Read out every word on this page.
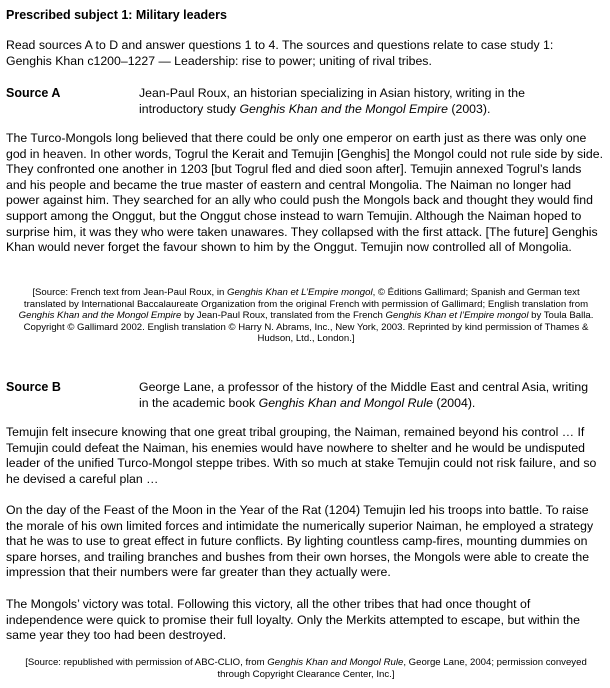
Prescribed subject 1: Military leaders
Read sources A to D and answer questions 1 to 4. The sources and questions relate to case study 1:
Genghis Khan c1200–1227 — Leadership: rise to power; uniting of rival tribes.
Source A	Jean-Paul Roux, an historian specializing in Asian history, writing in the introductory study Genghis Khan and the Mongol Empire (2003).

The Turco-Mongols long believed that there could be only one emperor on earth just as there was only one god in heaven. In other words, Togrul the Kerait and Temujin [Genghis] the Mongol could not rule side by side. They confronted one another in 1203 [but Togrul fled and died soon after]. Temujin annexed Togrul’s lands and his people and became the true master of eastern and central Mongolia. The Naiman no longer had power against him. They searched for an ally who could push the Mongols back and thought they would find support among the Onggut, but the Onggut chose instead to warn Temujin. Although the Naiman hoped to surprise him, it was they who were taken unawares. They collapsed with the first attack. [The future] Genghis Khan would never forget the favour shown to him by the Onggut. Temujin now controlled all of Mongolia.

[Source: French text from Jean-Paul Roux, in Genghis Khan et L’Empire mongol, © Éditions Gallimard; Spanish and German text translated by International Baccalaureate Organization from the original French with permission of Gallimard; English translation from Genghis Khan and the Mongol Empire by Jean-Paul Roux, translated from the French Genghis Khan et l’Empire mongol by Toula Balla. Copyright © Gallimard 2002. English translation © Harry N. Abrams, Inc., New York, 2003. Reprinted by kind permission of Thames & Hudson, Ltd., London.]
Source B	George Lane, a professor of the history of the Middle East and central Asia, writing in the academic book Genghis Khan and Mongol Rule (2004).

Temujin felt insecure knowing that one great tribal grouping, the Naiman, remained beyond his control … If Temujin could defeat the Naiman, his enemies would have nowhere to shelter and he would be undisputed leader of the unified Turco-Mongol steppe tribes. With so much at stake Temujin could not risk failure, and so he devised a careful plan …

On the day of the Feast of the Moon in the Year of the Rat (1204) Temujin led his troops into battle. To raise the morale of his own limited forces and intimidate the numerically superior Naiman, he employed a strategy that he was to use to great effect in future conflicts. By lighting countless camp-fires, mounting dummies on spare horses, and trailing branches and bushes from their own horses, the Mongols were able to create the impression that their numbers were far greater than they actually were.

The Mongols’ victory was total. Following this victory, all the other tribes that had once thought of independence were quick to promise their full loyalty. Only the Merkits attempted to escape, but within the same year they too had been destroyed.

[Source: republished with permission of ABC-CLIO, from Genghis Khan and Mongol Rule, George Lane, 2004; permission conveyed through Copyright Clearance Center, Inc.]
